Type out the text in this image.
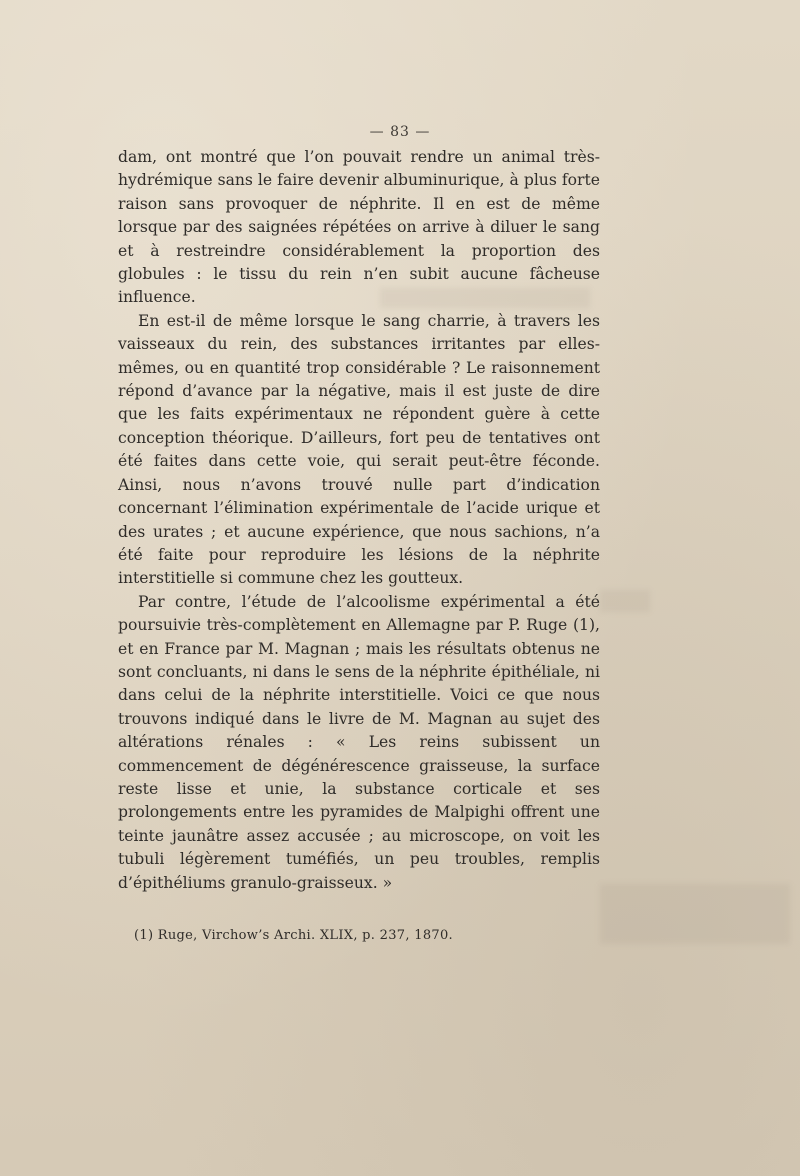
— 83 —

dam, ont montré que l’on pouvait rendre un animal très-hydrémique sans le faire devenir albuminurique, à plus forte raison sans provoquer de néphrite. Il en est de même lorsque par des saignées répétées on arrive à diluer le sang et à restreindre considérablement la proportion des globules : le tissu du rein n’en subit aucune fâcheuse influence.

En est-il de même lorsque le sang charrie, à travers les vaisseaux du rein, des substances irritantes par elles-mêmes, ou en quantité trop considérable ? Le raisonnement répond d’avance par la négative, mais il est juste de dire que les faits expérimentaux ne répondent guère à cette conception théorique. D’ailleurs, fort peu de tentatives ont été faites dans cette voie, qui serait peut-être féconde. Ainsi, nous n’avons trouvé nulle part d’indication concernant l’élimination expérimentale de l’acide urique et des urates ; et aucune expérience, que nous sachions, n’a été faite pour reproduire les lésions de la néphrite interstitielle si commune chez les goutteux.

Par contre, l’étude de l’alcoolisme expérimental a été poursuivie très-complètement en Allemagne par P. Ruge (1), et en France par M. Magnan ; mais les résultats obtenus ne sont concluants, ni dans le sens de la néphrite épithéliale, ni dans celui de la néphrite interstitielle. Voici ce que nous trouvons indiqué dans le livre de M. Magnan au sujet des altérations rénales : « Les reins subissent un commencement de dégénérescence graisseuse, la surface reste lisse et unie, la substance corticale et ses prolongements entre les pyramides de Malpighi offrent une teinte jaunâtre assez accusée ; au microscope, on voit les tubuli légèrement tuméfiés, un peu troubles, remplis d’épithéliums granulo-graisseux. »

(1) Ruge, Virchow’s Archi. XLIX, p. 237, 1870.
